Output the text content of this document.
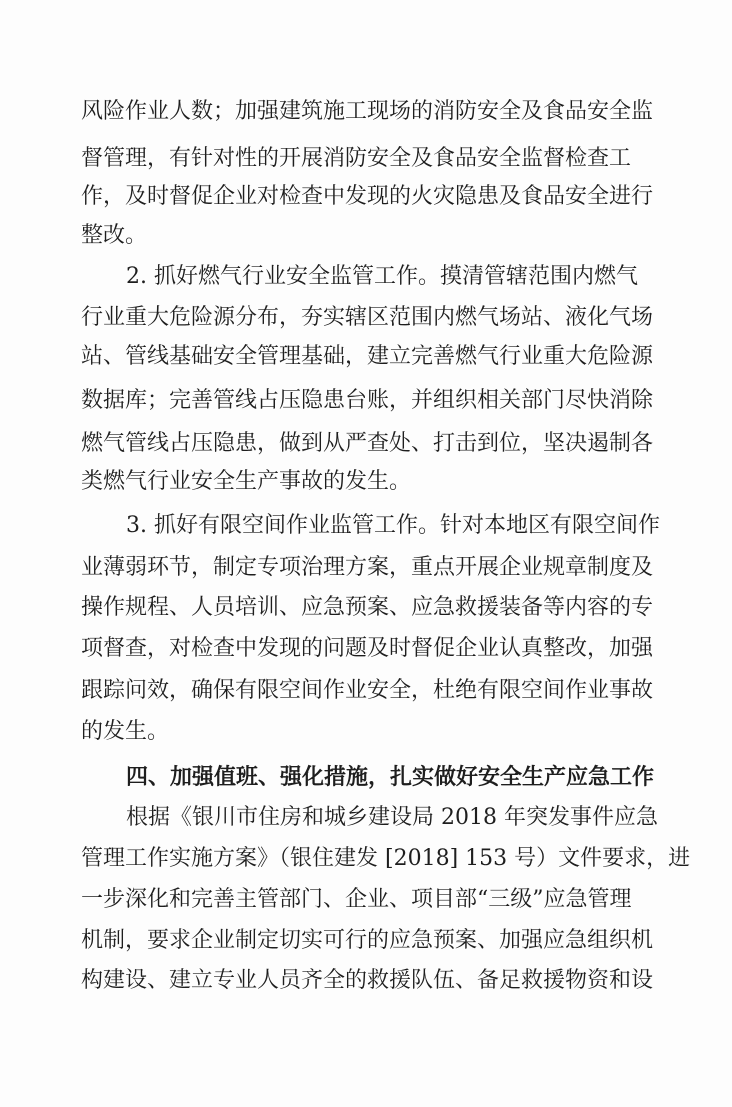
风险作业人数；加强建筑施工现场的消防安全及食品安全监
督管理，有针对性的开展消防安全及食品安全监督检查工
作，及时督促企业对检查中发现的火灾隐患及食品安全进行
整改。
2. 抓好燃气行业安全监管工作。摸清管辖范围内燃气
行业重大危险源分布，夯实辖区范围内燃气场站、液化气场
站、管线基础安全管理基础，建立完善燃气行业重大危险源
数据库；完善管线占压隐患台账，并组织相关部门尽快消除
燃气管线占压隐患，做到从严查处、打击到位，坚决遏制各
类燃气行业安全生产事故的发生。
3. 抓好有限空间作业监管工作。针对本地区有限空间作
业薄弱环节，制定专项治理方案，重点开展企业规章制度及
操作规程、人员培训、应急预案、应急救援装备等内容的专
项督查，对检查中发现的问题及时督促企业认真整改，加强
跟踪问效，确保有限空间作业安全，杜绝有限空间作业事故
的发生。
四、加强值班、强化措施，扎实做好安全生产应急工作
根据《银川市住房和城乡建设局 2018 年突发事件应急
管理工作实施方案》（银住建发 [2018] 153 号）文件要求，进
一步深化和完善主管部门、企业、项目部“三级”应急管理
机制，要求企业制定切实可行的应急预案、加强应急组织机
构建设、建立专业人员齐全的救援队伍、备足救援物资和设
